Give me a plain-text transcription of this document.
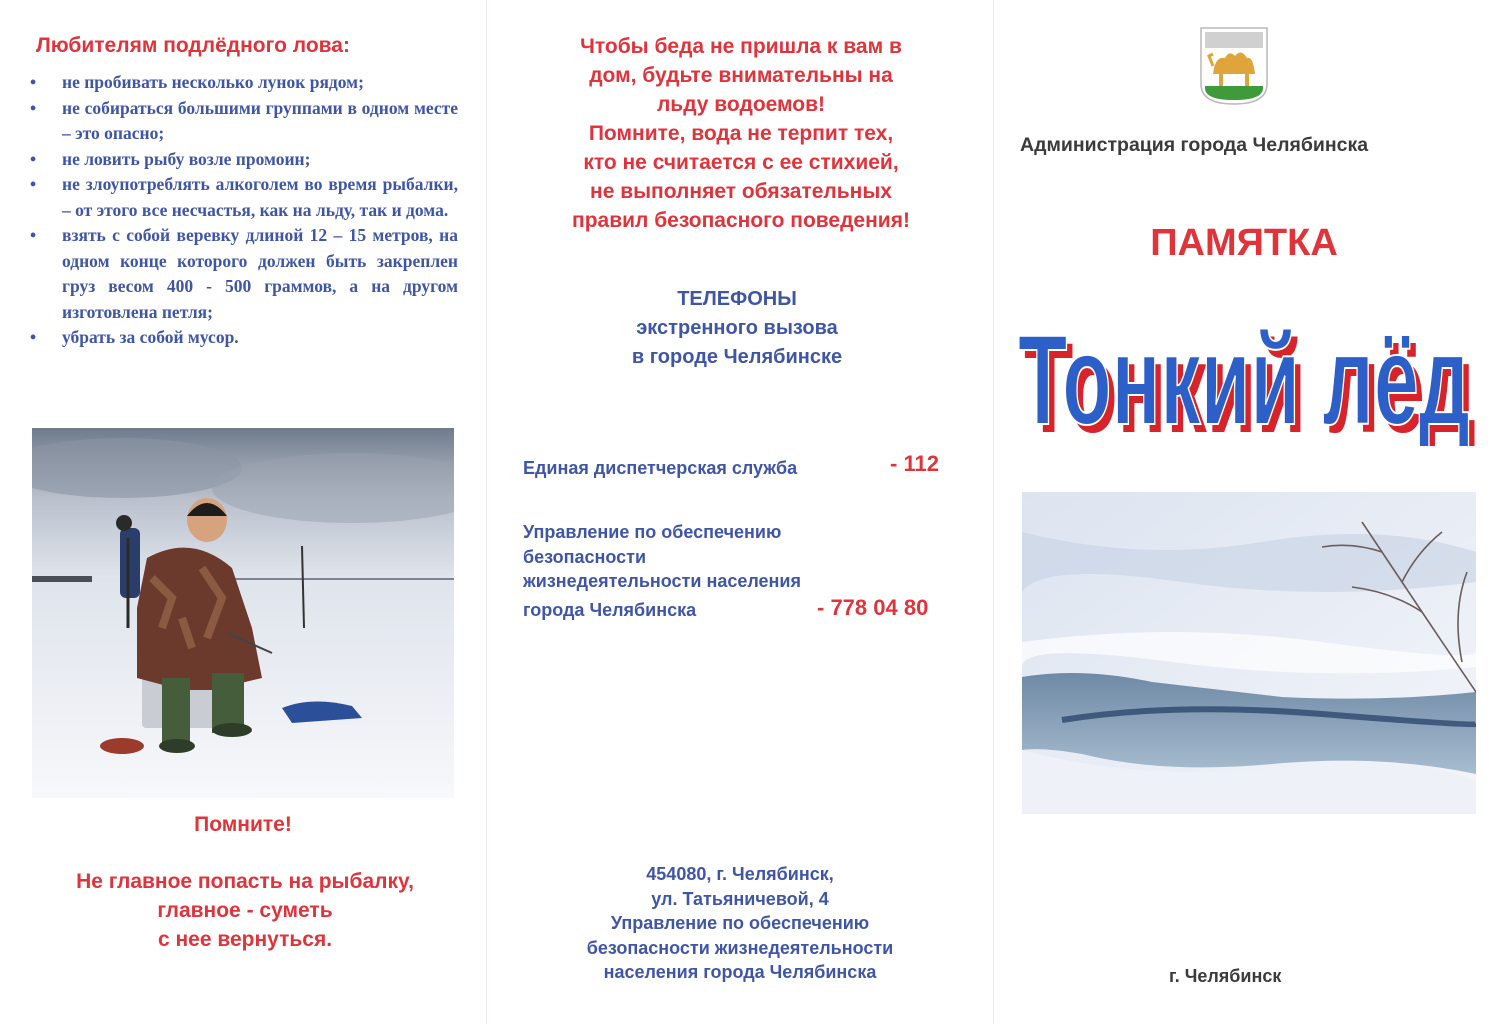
Любителям подлёдного лова:
• не пробивать несколько лунок рядом;
• не собираться большими группами в одном месте – это опасно;
• не ловить рыбу возле промоин;
• не злоупотреблять алкоголем во время рыбалки, – от этого все несчастья, как на льду, так и дома.
• взять с собой веревку длиной 12 – 15 метров, на одном конце которого должен быть закреплен груз весом 400 - 500 граммов, а на другом изготовлена петля;
• убрать за собой мусор.
Помните!
Не главное попасть на рыбалку,
главное - суметь
с нее вернуться.
Чтобы беда не пришла к вам в
дом, будьте внимательны на
льду водоемов!
Помните, вода не терпит тех,
кто не считается с ее стихией,
не выполняет обязательных
правил безопасного поведения!
ТЕЛЕФОНЫ
экстренного вызова
в городе Челябинске
Единая диспетчерская служба	- 112
Управление по обеспечению
безопасности
жизнедеятельности населения
города Челябинска	- 778 04 80
454080, г. Челябинск,
ул. Татьяничевой, 4
Управление по обеспечению
безопасности жизнедеятельности
населения города Челябинска
Администрация города Челябинска
ПАМЯТКА
Тонкий лёд
Тонкий лёд
г. Челябинск
